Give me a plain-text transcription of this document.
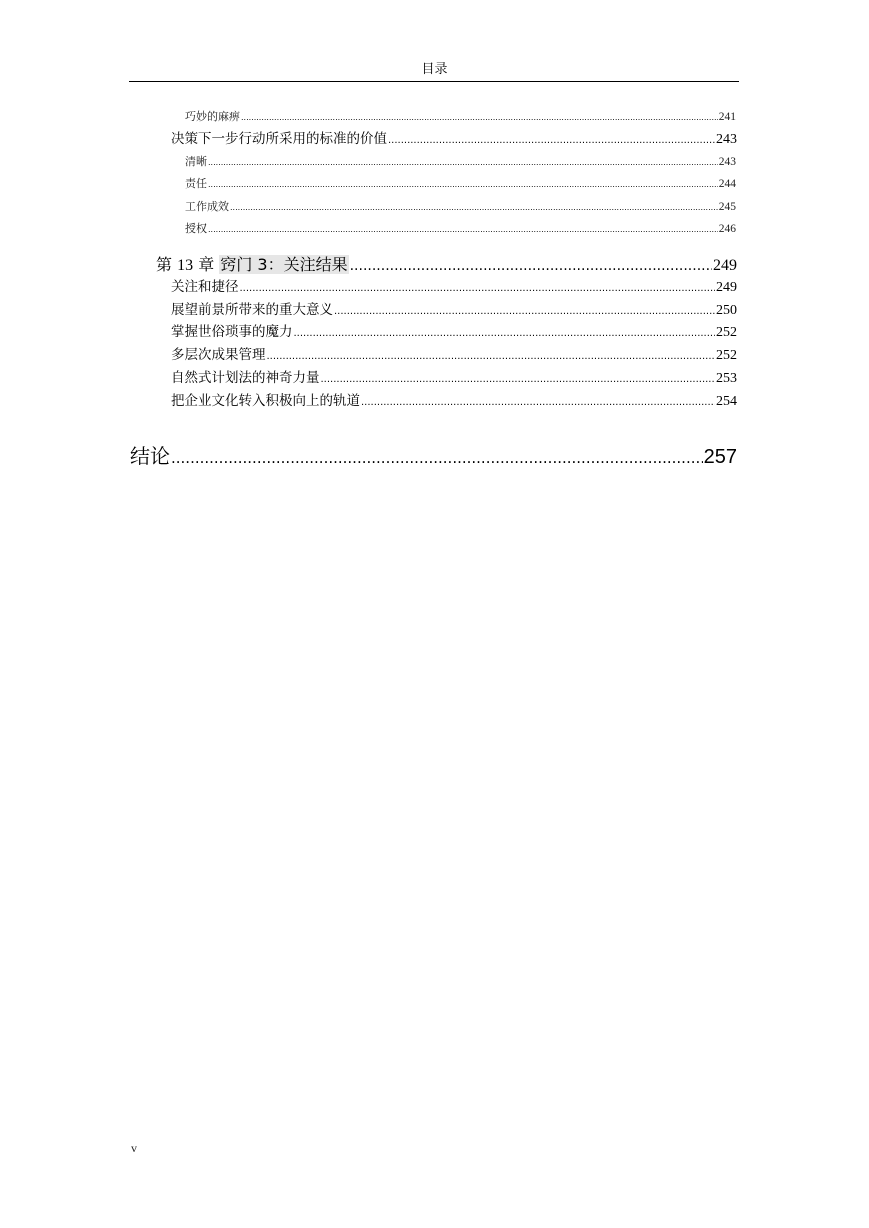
目录
巧妙的麻痹 .....	241
决策下一步行动所采用的标准的价值 .....	243
清晰 .....	243
责任 .....	244
工作成效 .....	245
授权 .....	246
第 13 章 窍门 3：关注结果 .....	249
关注和捷径 .....	249
展望前景所带来的重大意义 .....	250
掌握世俗琐事的魔力 .....	252
多层次成果管理 .....	252
自然式计划法的神奇力量 .....	253
把企业文化转入积极向上的轨道 .....	254
结论 .....	257
v
